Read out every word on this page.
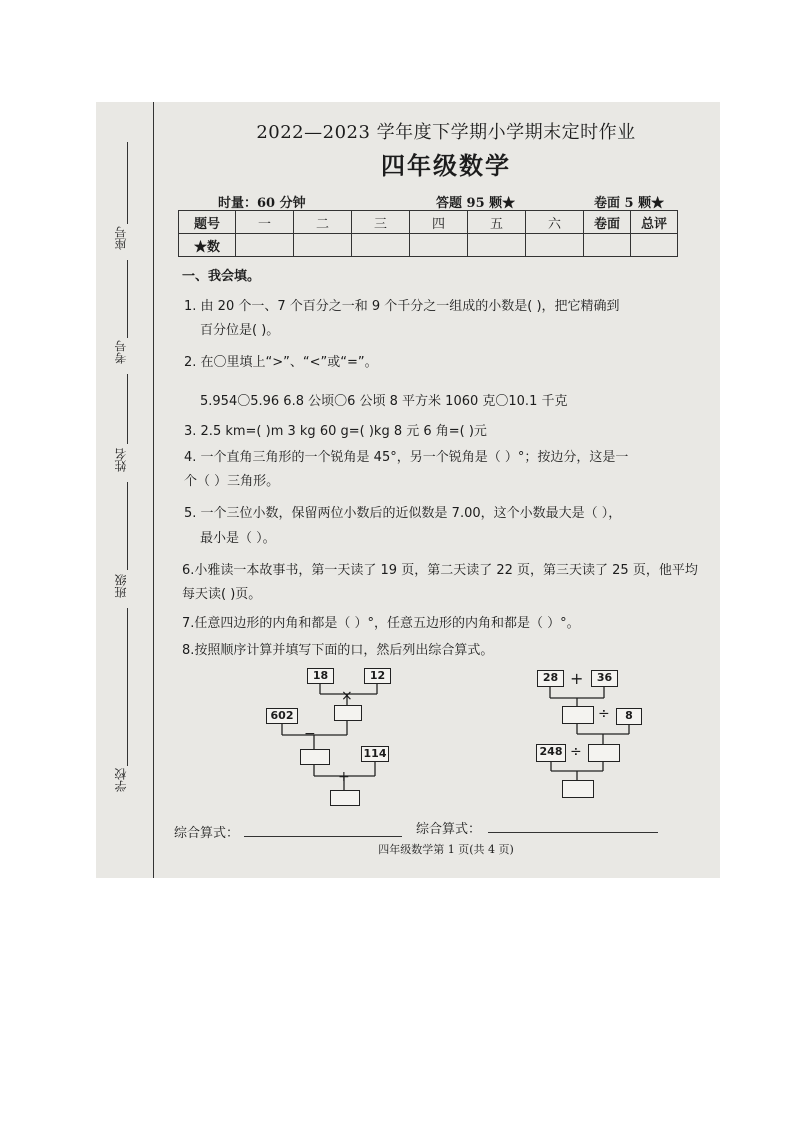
座号
考号
姓名
班级
学校
2022—2023 学年度下学期小学期末定时作业
四年级数学
时量：60 分钟	答题 95 颗★	卷面 5 颗★
题号	一	二	三	四	五	六	卷面	总评
★数								
一、我会填。
1. 由 20 个一、7 个百分之一和 9 个千分之一组成的小数是( )，把它精确到
百分位是( )。
2. 在〇里填上“>”、“<”或“=”。
5.954〇5.96 6.8 公顷〇6 公顷 8 平方米 1060 克〇10.1 千克
3. 2.5 km=( )m 3 kg 60 g=( )kg 8 元 6 角=( )元
4. 一个直角三角形的一个锐角是 45°，另一个锐角是（ ）°；按边分，这是一
个（ ）三角形。
5. 一个三位小数，保留两位小数后的近似数是 7.00，这个小数最大是（ ），
最小是（ ）。
6.小雅读一本故事书，第一天读了 19 页，第二天读了 22 页，第三天读了 25 页，他平均
每天读( )页。
7.任意四边形的内角和都是（ ）°，任意五边形的内角和都是（ ）°。
8.按照顺序计算并填写下面的口，然后列出综合算式。
18	12
×
602
−
114
+
28 +	36
÷	8
248 ÷
综合算式：	综合算式：
四年级数学第 1 页(共 4 页)
